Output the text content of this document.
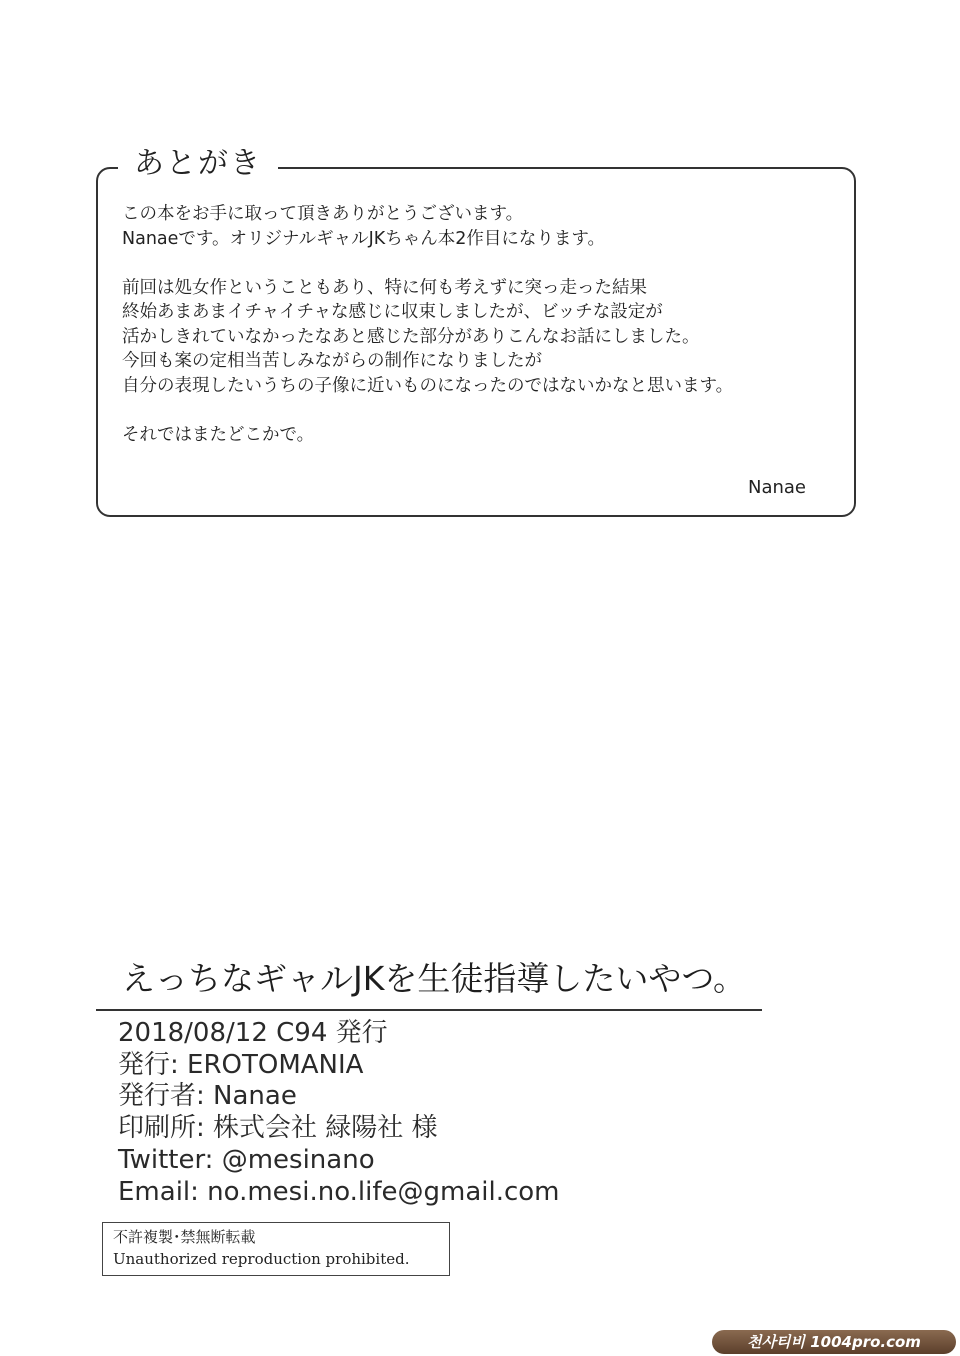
あとがき
この本をお手に取って頂きありがとうございます。
Nanaeです。オリジナルギャルJKちゃん本2作目になります。
前回は処女作ということもあり、特に何も考えずに突っ走った結果
終始あまあまイチャイチャな感じに収束しましたが、ビッチな設定が
活かしきれていなかったなあと感じた部分がありこんなお話にしました。
今回も案の定相当苦しみながらの制作になりましたが
自分の表現したいうちの子像に近いものになったのではないかなと思います。
それではまたどこかで。
Nanae
えっちなギャルJKを生徒指導したいやつ。
2018/08/12 C94 発行
発行: EROTOMANIA
発行者: Nanae
印刷所: 株式会社 緑陽社 様
Twitter: @mesinano
Email: no.mesi.no.life@gmail.com
不許複製･禁無断転載
Unauthorized reproduction prohibited.
천사티비 1004pro.com
